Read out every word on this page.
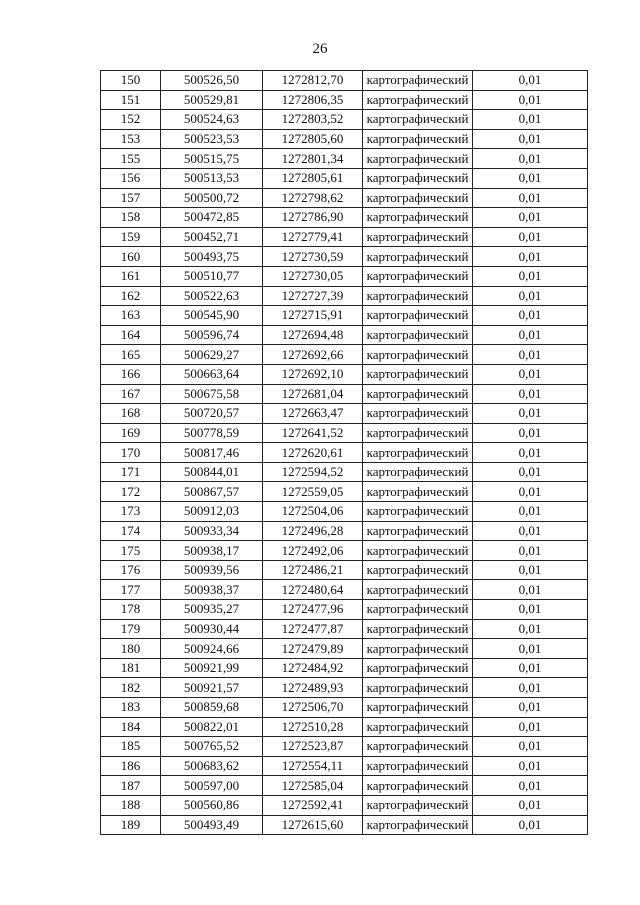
26
150	500526,50	1272812,70	картографический	0,01
151	500529,81	1272806,35	картографический	0,01
152	500524,63	1272803,52	картографический	0,01
153	500523,53	1272805,60	картографический	0,01
155	500515,75	1272801,34	картографический	0,01
156	500513,53	1272805,61	картографический	0,01
157	500500,72	1272798,62	картографический	0,01
158	500472,85	1272786,90	картографический	0,01
159	500452,71	1272779,41	картографический	0,01
160	500493,75	1272730,59	картографический	0,01
161	500510,77	1272730,05	картографический	0,01
162	500522,63	1272727,39	картографический	0,01
163	500545,90	1272715,91	картографический	0,01
164	500596,74	1272694,48	картографический	0,01
165	500629,27	1272692,66	картографический	0,01
166	500663,64	1272692,10	картографический	0,01
167	500675,58	1272681,04	картографический	0,01
168	500720,57	1272663,47	картографический	0,01
169	500778,59	1272641,52	картографический	0,01
170	500817,46	1272620,61	картографический	0,01
171	500844,01	1272594,52	картографический	0,01
172	500867,57	1272559,05	картографический	0,01
173	500912,03	1272504,06	картографический	0,01
174	500933,34	1272496,28	картографический	0,01
175	500938,17	1272492,06	картографический	0,01
176	500939,56	1272486,21	картографический	0,01
177	500938,37	1272480,64	картографический	0,01
178	500935,27	1272477,96	картографический	0,01
179	500930,44	1272477,87	картографический	0,01
180	500924,66	1272479,89	картографический	0,01
181	500921,99	1272484,92	картографический	0,01
182	500921,57	1272489,93	картографический	0,01
183	500859,68	1272506,70	картографический	0,01
184	500822,01	1272510,28	картографический	0,01
185	500765,52	1272523,87	картографический	0,01
186	500683,62	1272554,11	картографический	0,01
187	500597,00	1272585,04	картографический	0,01
188	500560,86	1272592,41	картографический	0,01
189	500493,49	1272615,60	картографический	0,01
